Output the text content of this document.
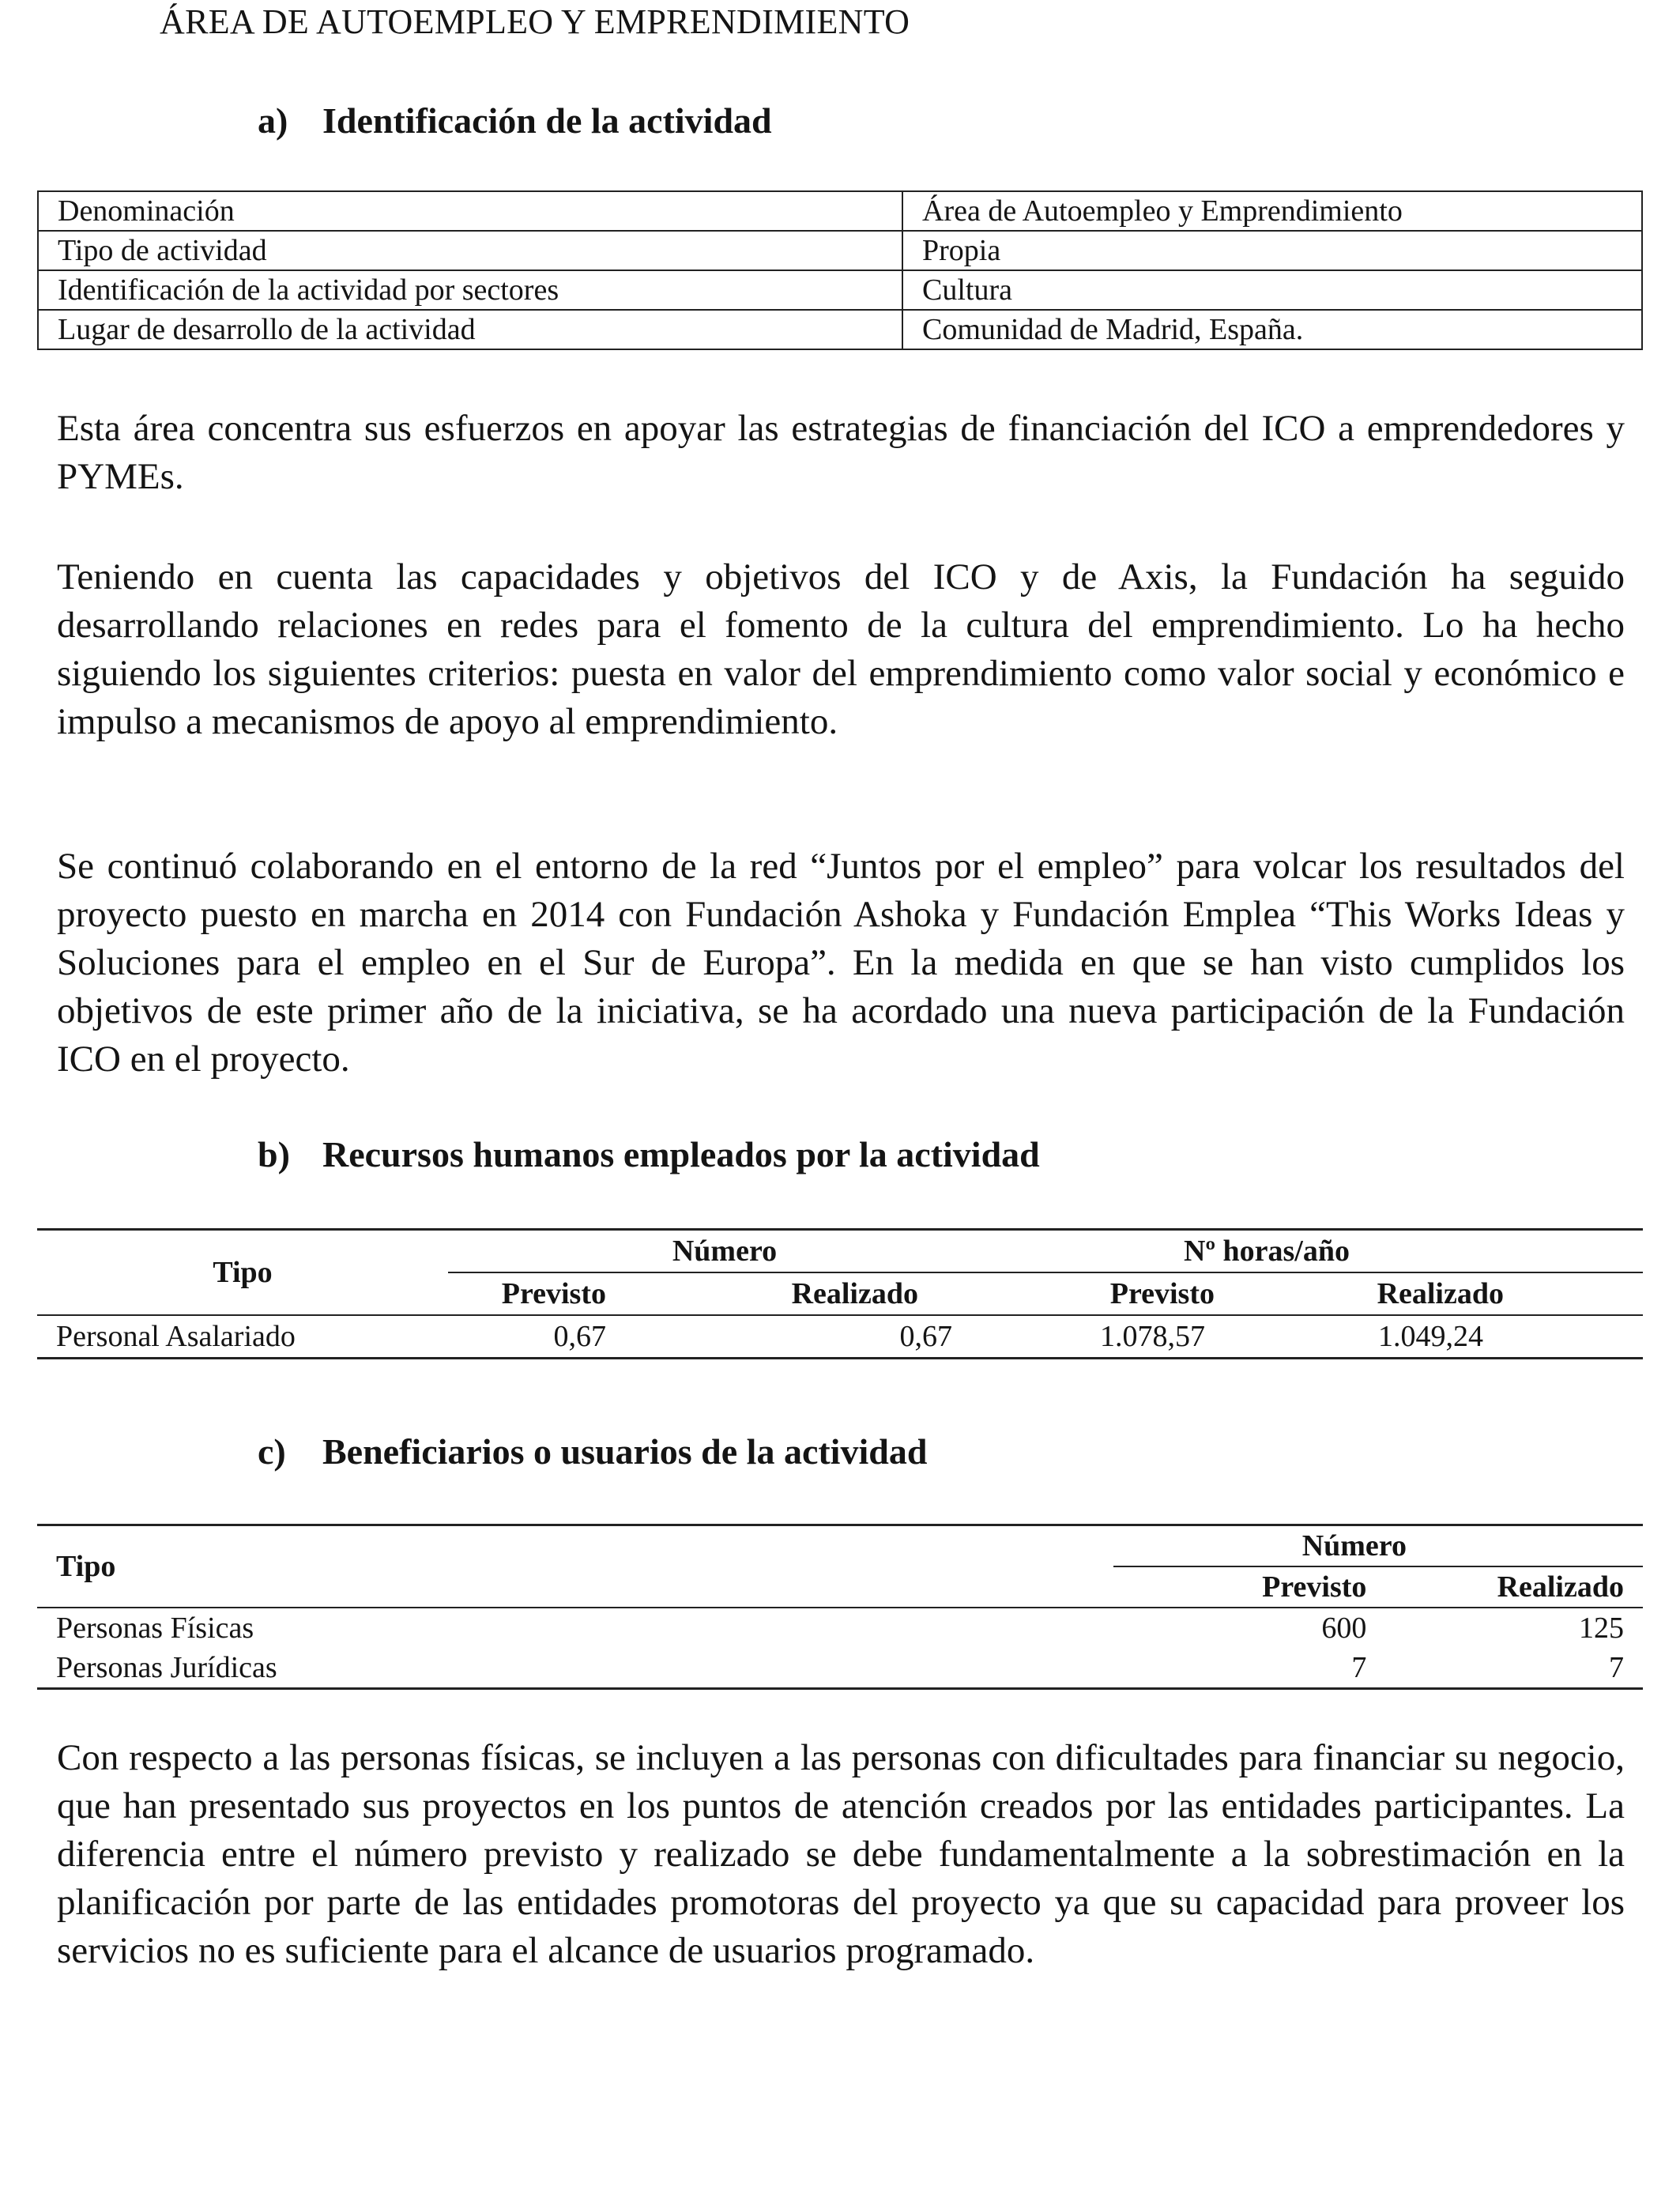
ÁREA DE AUTOEMPLEO Y EMPRENDIMIENTO
a) Identificación de la actividad
Denominación	Área de Autoempleo y Emprendimiento
Tipo de actividad	Propia
Identificación de la actividad por sectores	Cultura
Lugar de desarrollo de la actividad	Comunidad de Madrid, España.

Esta área concentra sus esfuerzos en apoyar las estrategias de financiación del ICO a emprendedores y PYMEs.

Teniendo en cuenta las capacidades y objetivos del ICO y de Axis, la Fundación ha seguido desarrollando relaciones en redes para el fomento de la cultura del emprendimiento. Lo ha hecho siguiendo los siguientes criterios: puesta en valor del emprendimiento como valor social y económico e impulso a mecanismos de apoyo al emprendimiento.

Se continuó colaborando en el entorno de la red “Juntos por el empleo” para volcar los resultados del proyecto puesto en marcha en 2014 con Fundación Ashoka y Fundación Emplea “This Works Ideas y Soluciones para el empleo en el Sur de Europa”. En la medida en que se han visto cumplidos los objetivos de este primer año de la iniciativa, se ha acordado una nueva participación de la Fundación ICO en el proyecto.

b) Recursos humanos empleados por la actividad
Tipo	Número		Nº horas/año	
	Previsto	Realizado	Previsto	Realizado
Personal Asalariado	0,67	0,67	1.078,57	1.049,24
c) Beneficiarios o usuarios de la actividad
Tipo	Número	
	Previsto	Realizado
Personas Físicas	600	125
Personas Jurídicas	7	7

Con respecto a las personas físicas, se incluyen a las personas con dificultades para financiar su negocio, que han presentado sus proyectos en los puntos de atención creados por las entidades participantes. La diferencia entre el número previsto y realizado se debe fundamentalmente a la sobrestimación en la planificación por parte de las entidades promotoras del proyecto ya que su capacidad para proveer los servicios no es suficiente para el alcance de usuarios programado.
